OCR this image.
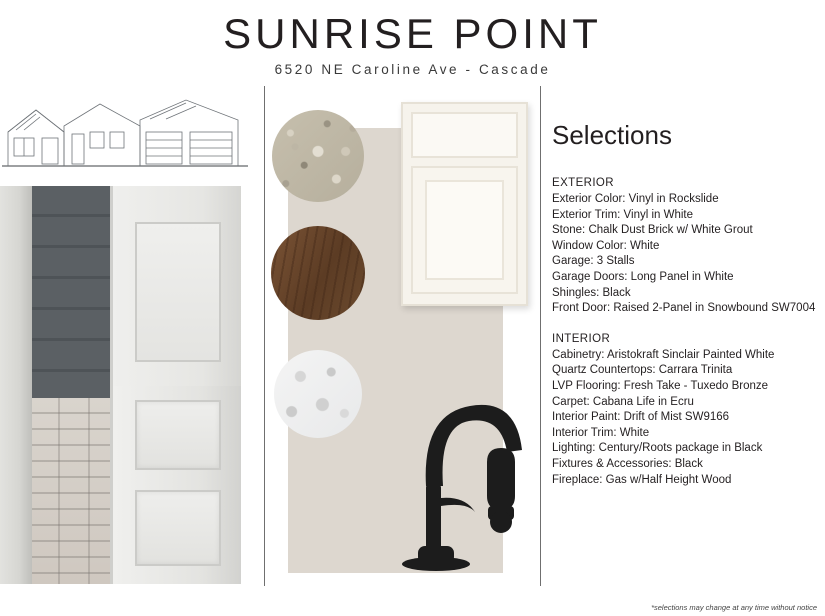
SUNRISE POINT
6520 NE Caroline Ave - Cascade
Selections
EXTERIOR
Exterior Color: Vinyl in Rockslide
Exterior Trim: Vinyl in White
Stone: Chalk Dust Brick w/ White Grout
Window Color: White
Garage: 3 Stalls
Garage Doors: Long Panel in White
Shingles: Black
Front Door: Raised 2-Panel in Snowbound SW7004
INTERIOR
Cabinetry: Aristokraft Sinclair Painted White
Quartz Countertops: Carrara Trinita
LVP Flooring: Fresh Take - Tuxedo Bronze
Carpet: Cabana Life in Ecru
Interior Paint: Drift of Mist SW9166
Interior Trim: White
Lighting: Century/Roots package in Black
Fixtures & Accessories: Black
Fireplace: Gas w/Half Height Wood
*selections may change at any time without notice
